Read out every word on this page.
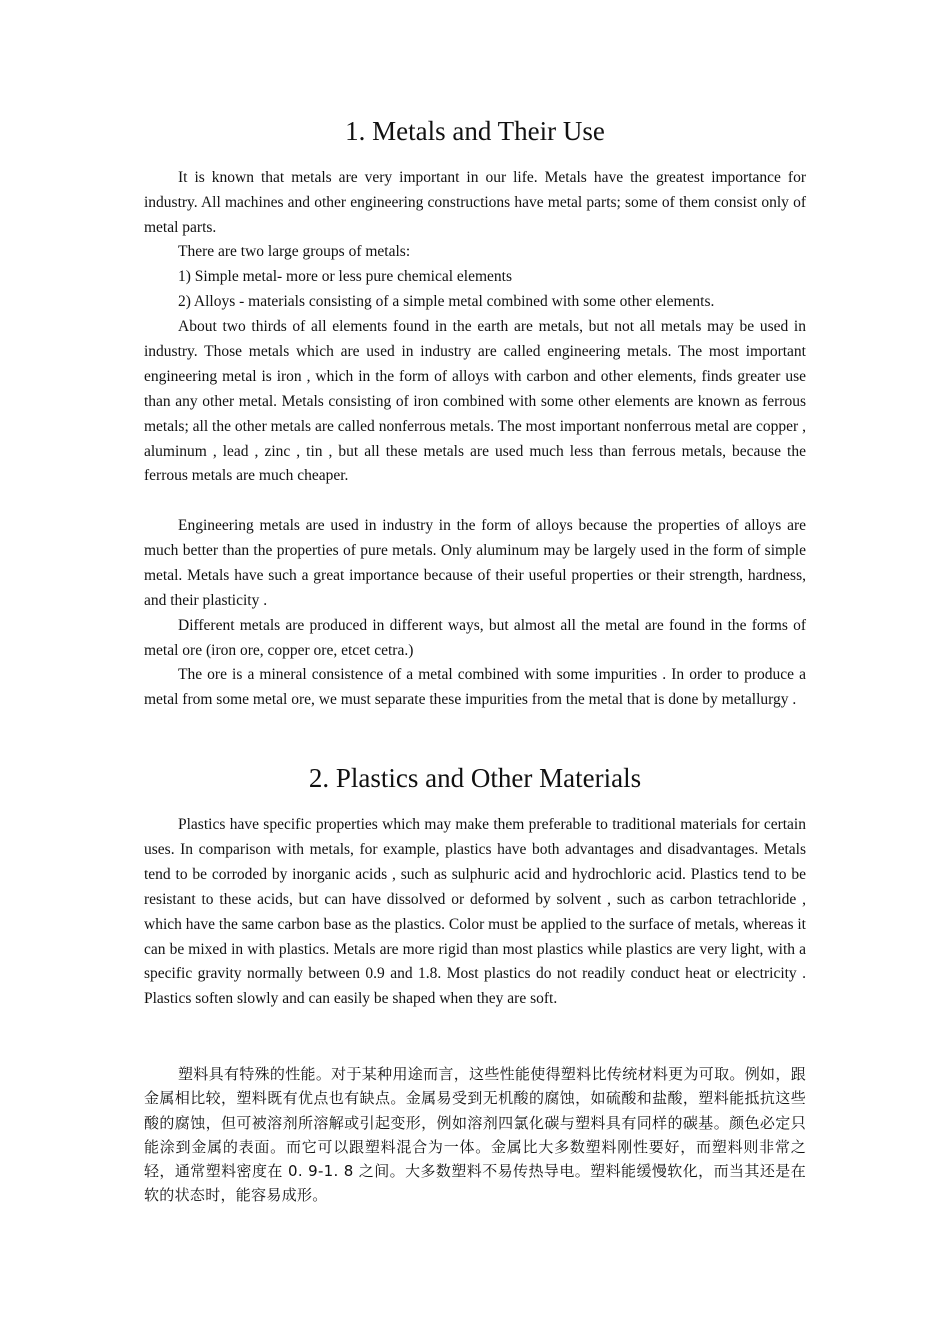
1. Metals and Their Use

It is known that metals are very important in our life. Metals have the greatest importance for industry. All machines and other engineering constructions have metal parts; some of them consist only of metal parts.

There are two large groups of metals:

1) Simple metal- more or less pure chemical elements

2) Alloys - materials consisting of a simple metal combined with some other elements.

About two thirds of all elements found in the earth are metals, but not all metals may be used in industry. Those metals which are used in industry are called engineering metals. The most important engineering metal is iron , which in the form of alloys with carbon and other elements, finds greater use than any other metal. Metals consisting of iron combined with some other elements are known as ferrous metals; all the other metals are called nonferrous metals. The most important nonferrous metal are copper , aluminum , lead , zinc , tin , but all these metals are used much less than ferrous metals, because the ferrous metals are much cheaper.

Engineering metals are used in industry in the form of alloys because the properties of alloys are much better than the properties of pure metals. Only aluminum may be largely used in the form of simple metal. Metals have such a great importance because of their useful properties or their strength, hardness, and their plasticity .

Different metals are produced in different ways, but almost all the metal are found in the forms of metal ore (iron ore, copper ore, etcet cetra.)

The ore is a mineral consistence of a metal combined with some impurities . In order to produce a metal from some metal ore, we must separate these impurities from the metal that is done by metallurgy .

2. Plastics and Other Materials

Plastics have specific properties which may make them preferable to traditional materials for certain uses. In comparison with metals, for example, plastics have both advantages and disadvantages. Metals tend to be corroded by inorganic acids , such as sulphuric acid and hydrochloric acid. Plastics tend to be resistant to these acids, but can have dissolved or deformed by solvent , such as carbon tetrachloride , which have the same carbon base as the plastics. Color must be applied to the surface of metals, whereas it can be mixed in with plastics. Metals are more rigid than most plastics while plastics are very light, with a specific gravity normally between 0.9 and 1.8. Most plastics do not readily conduct heat or electricity . Plastics soften slowly and can easily be shaped when they are soft.

塑料具有特殊的性能。对于某种用途而言，这些性能使得塑料比传统材料更为可取。例如，跟金属相比较，塑料既有优点也有缺点。金属易受到无机酸的腐蚀，如硫酸和盐酸，塑料能抵抗这些酸的腐蚀，但可被溶剂所溶解或引起变形，例如溶剂四氯化碳与塑料具有同样的碳基。颜色必定只能涂到金属的表面。而它可以跟塑料混合为一体。金属比大多数塑料刚性要好，而塑料则非常之轻，通常塑料密度在 0. 9-1. 8 之间。大多数塑料不易传热导电。塑料能缓慢软化，而当其还是在软的状态时，能容易成形。
